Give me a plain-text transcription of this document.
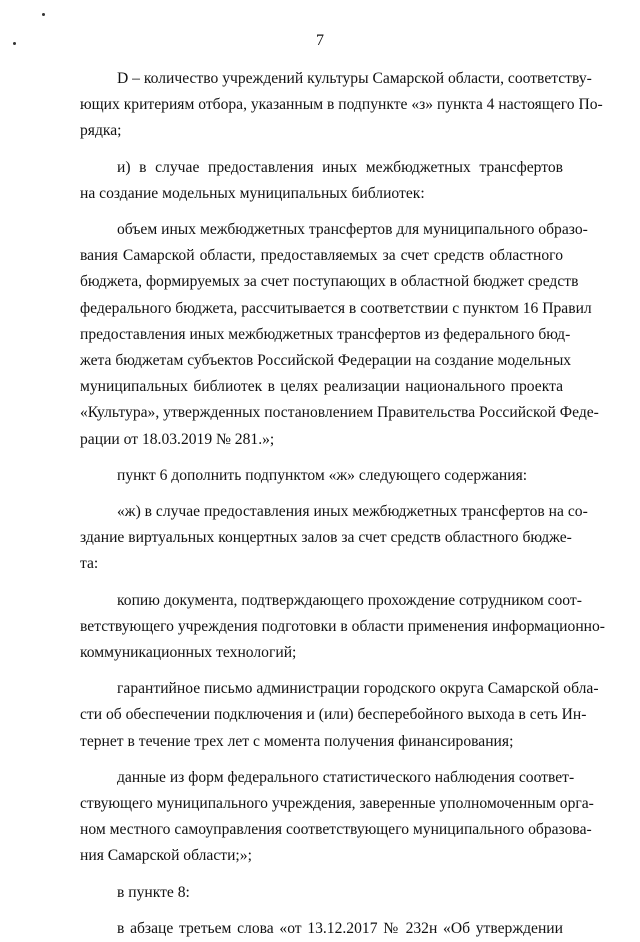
7
D – количество учреждений культуры Самарской области, соответству-
ющих критериям отбора, указанным в подпункте «з» пункта 4 настоящего По-
рядка;
и) в случае предоставления иных межбюджетных трансфертов
на создание модельных муниципальных библиотек:
объем иных межбюджетных трансфертов для муниципального образо-
вания Самарской области, предоставляемых за счет средств областного
бюджета, формируемых за счет поступающих в областной бюджет средств
федерального бюджета, рассчитывается в соответствии с пунктом 16 Правил
предоставления иных межбюджетных трансфертов из федерального бюд-
жета бюджетам субъектов Российской Федерации на создание модельных
муниципальных библиотек в целях реализации национального проекта
«Культура», утвержденных постановлением Правительства Российской Феде-
рации от 18.03.2019 № 281.»;
пункт 6 дополнить подпунктом «ж» следующего содержания:
«ж) в случае предоставления иных межбюджетных трансфертов на со-
здание виртуальных концертных залов за счет средств областного бюдже-
та:
копию документа, подтверждающего прохождение сотрудником соот-
ветствующего учреждения подготовки в области применения информационно-
коммуникационных технологий;
гарантийное письмо администрации городского округа Самарской обла-
сти об обеспечении подключения и (или) бесперебойного выхода в сеть Ин-
тернет в течение трех лет с момента получения финансирования;
данные из форм федерального статистического наблюдения соответ-
ствующего муниципального учреждения, заверенные уполномоченным орга-
ном местного самоуправления соответствующего муниципального образова-
ния Самарской области;»;
в пункте 8:
в абзаце третьем слова «от 13.12.2017 № 232н «Об утверждении
